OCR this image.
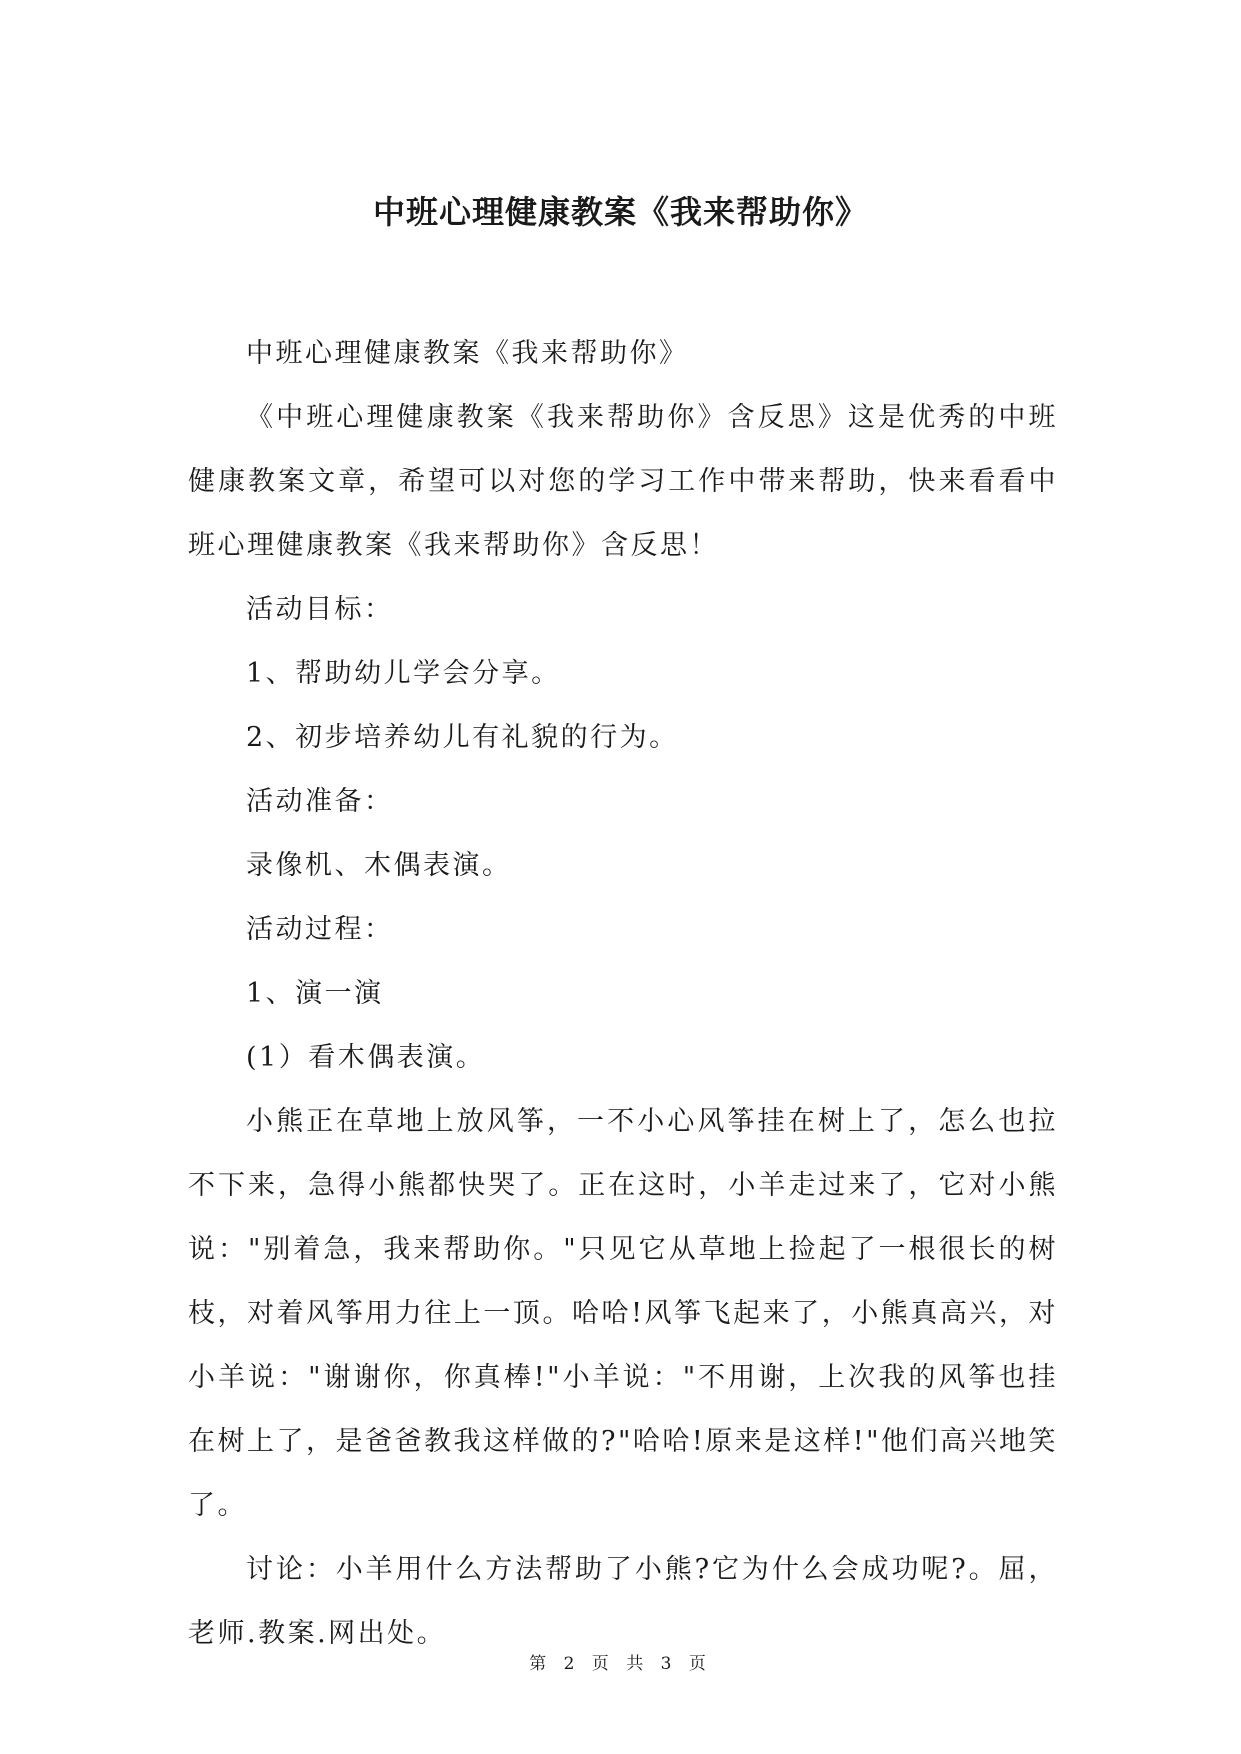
中班心理健康教案《我来帮助你》

中班心理健康教案《我来帮助你》

《中班心理健康教案《我来帮助你》含反思》这是优秀的中班健康教案文章，希望可以对您的学习工作中带来帮助，快来看看中班心理健康教案《我来帮助你》含反思！

活动目标：

1、帮助幼儿学会分享。

2、初步培养幼儿有礼貌的行为。

活动准备：

录像机、木偶表演。

活动过程：

1、演一演

(1）看木偶表演。

小熊正在草地上放风筝，一不小心风筝挂在树上了，怎么也拉不下来，急得小熊都快哭了。正在这时，小羊走过来了，它对小熊说："别着急，我来帮助你。"只见它从草地上捡起了一根很长的树枝，对着风筝用力往上一顶。哈哈!风筝飞起来了，小熊真高兴，对小羊说："谢谢你，你真棒!"小羊说："不用谢，上次我的风筝也挂在树上了，是爸爸教我这样做的?"哈哈!原来是这样!"他们高兴地笑了。

讨论：小羊用什么方法帮助了小熊?它为什么会成功呢?。屈，老师.教案.网出处。

第 2 页 共 3 页
